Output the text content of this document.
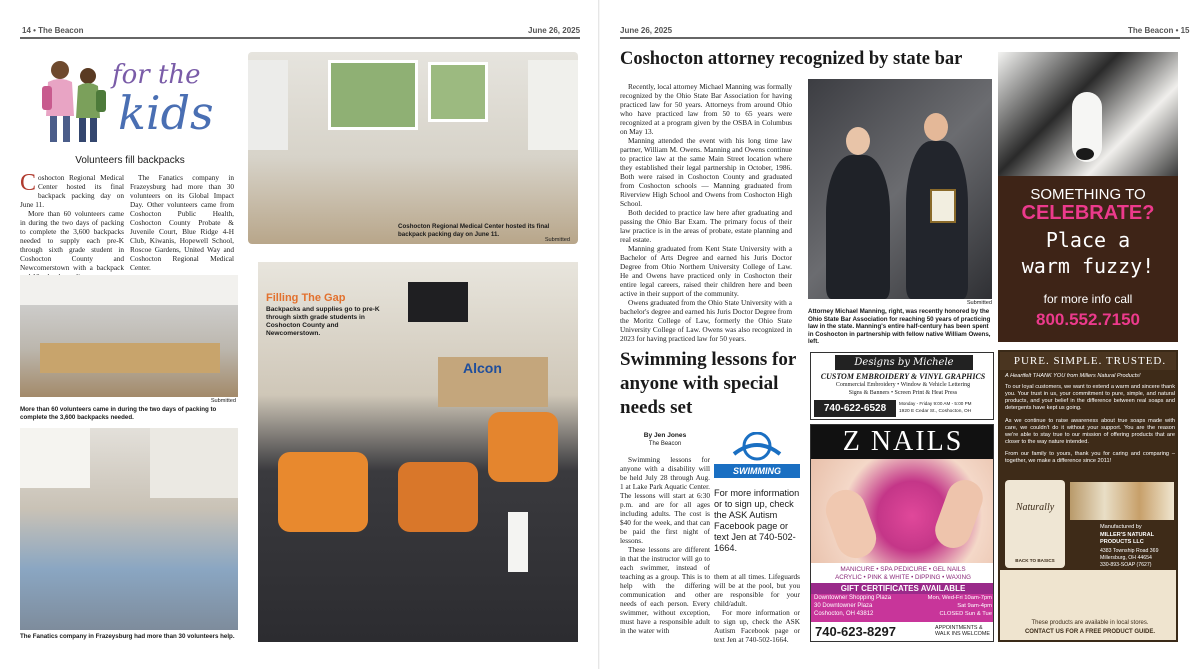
14 • The Beacon	June 26, 2025
for the
kids
Volunteers fill backpacks

Coshocton Regional Medical Center hosted its final backpack packing day on June 11.

More than 60 volunteers came in during the two days of packing to complete the 3,600 backpacks needed to supply each pre-K through sixth grade student in Coshocton County and Newcomerstown with a backpack

The Fanatics company in Frazeysburg had more than 30 volunteers on its Global Impact Day. Other volunteers came from Coshocton Public Health, Coshocton County Probate & Juvenile Court, Blue Ridge 4-H Club, Kiwanis, Hopewell School, Roscoe Gardens, United Way and Coshocton Regional Medical Center.

Coshocton Regional Medical Center hosted its final backpack packing day on June 11.
Submitted
Submitted
More than 60 volunteers came in during the two days of packing to complete the 3,600 backpacks needed.
The Fanatics company in Frazeysburg had more than 30 volunteers help.
Alcon
Filling The Gap
Backpacks and supplies go to pre-K through sixth grade students in Coshocton County and Newcomerstown.
June 26, 2025	The Beacon • 15
Coshocton attorney recognized by state bar

Recently, local attorney Michael Manning was formally recognized by the Ohio State Bar Association for having practiced law for 50 years. Attorneys from around Ohio who have practiced law from 50 to 65 years were recognized at a program given by the OSBA in Columbus on May 13.

Manning attended the event with his long time law partner, William M. Owens. Manning and Owens continue to practice law at the same Main Street location where they established their legal partnership in October, 1986. Both were raised in Coshocton County and graduated from Coshocton schools — Manning graduated from Riverview High School and Owens from Coshocton High School.

Both decided to practice law here after graduating and passing the Ohio Bar Exam. The primary focus of their law practice is in the areas of probate, estate planning and real estate.

Manning graduated from Kent State University with a Bachelor of Arts Degree and earned his Juris Doctor Degree from Ohio Northern University College of Law. He and Owens have practiced only in Coshocton their entire legal careers, raised their children here and been active in their support of the community.

Owens graduated from the Ohio State University with a bachelor's degree and earned his Juris Doctor Degree from the Moritz College of Law, formerly the Ohio State University College of Law. Owens was also recognized in 2023 for having practiced law for 50 years.

Submitted
Attorney Michael Manning, right, was recently honored by the Ohio State Bar Association for reaching 50 years of practicing law in the state. Manning's entire half-century has been spent in Coshocton in partnership with fellow native William Owens, left.
Swimming lessons for anyone with special needs set
By Jen Jones
The Beacon
SWIMMING

Swimming lessons for anyone with a disability will be held July 28 through Aug. 1 at Lake Park Aquatic Center. The lessons will start at 6:30 p.m. and are for all ages including adults. The cost is $40 for the week, and that can be paid the first night of lessons.

These lessons are different in that the instructor will go to each swimmer, instead of teaching as a group. This is to help with the differing communication and other needs of each person. Every swimmer, without exception, must have a responsible adult in the water with

For more information or to sign up, check the ASK Autism Facebook page or text Jen at 740-502-1664.

them at all times. Lifeguards will be at the pool, but you are responsible for your child/adult.

For more information or to sign up, check the ASK Autism Facebook page or text Jen at 740-502-1664.

Designs by Michele
CUSTOM EMBROIDERY & VINYL GRAPHICS
Commercial Embroidery • Window & Vehicle Lettering
Signs & Banners • Screen Print & Heat Press
740-622-6528	Monday - Friday 9:00 AM - 5:00 PM
1920 E Cedar St., Coshocton, OH
Z NAILS
MANICURE • SPA PEDICURE • GEL NAILS
ACRYLIC • PINK & WHITE • DIPPING • WAXING
GIFT CERTIFICATES AVAILABLE
Downtowner Shopping Plaza
30 Downtowner Plaza
Coshocton, OH 43812
Mon, Wed-Fri 10am-7pm
Sat 9am-4pm
CLOSED Sun & Tue
740-623-8297	APPOINTMENTS & WALK INS WELCOME
SOMETHING TO
CELEBRATE?
Place a
warm fuzzy!
for more info call
800.552.7150
PURE. SIMPLE. TRUSTED.
A Heartfelt THANK YOU from Millers Natural Products!
To our loyal customers, we want to extend a warm and sincere thank you. Your trust in us, your commitment to pure, simple, and natural products, and your belief in the difference between real soaps and detergents have kept us going.
As we continue to raise awareness about true soaps made with care, we couldn't do it without your support. You are the reason we're able to stay true to our mission of offering products that are closer to the way nature intended.
From our family to yours, thank you for caring and comparing – together, we make a difference since 2011!
Naturally
BACK TO BASICS
Manufactured by
MILLER'S NATURAL PRODUCTS LLC
4383 Township Road 369
Millersburg, OH 44654
330-893-SOAP (7627)
These products are available in local stores.
CONTACT US FOR A FREE PRODUCT GUIDE.
